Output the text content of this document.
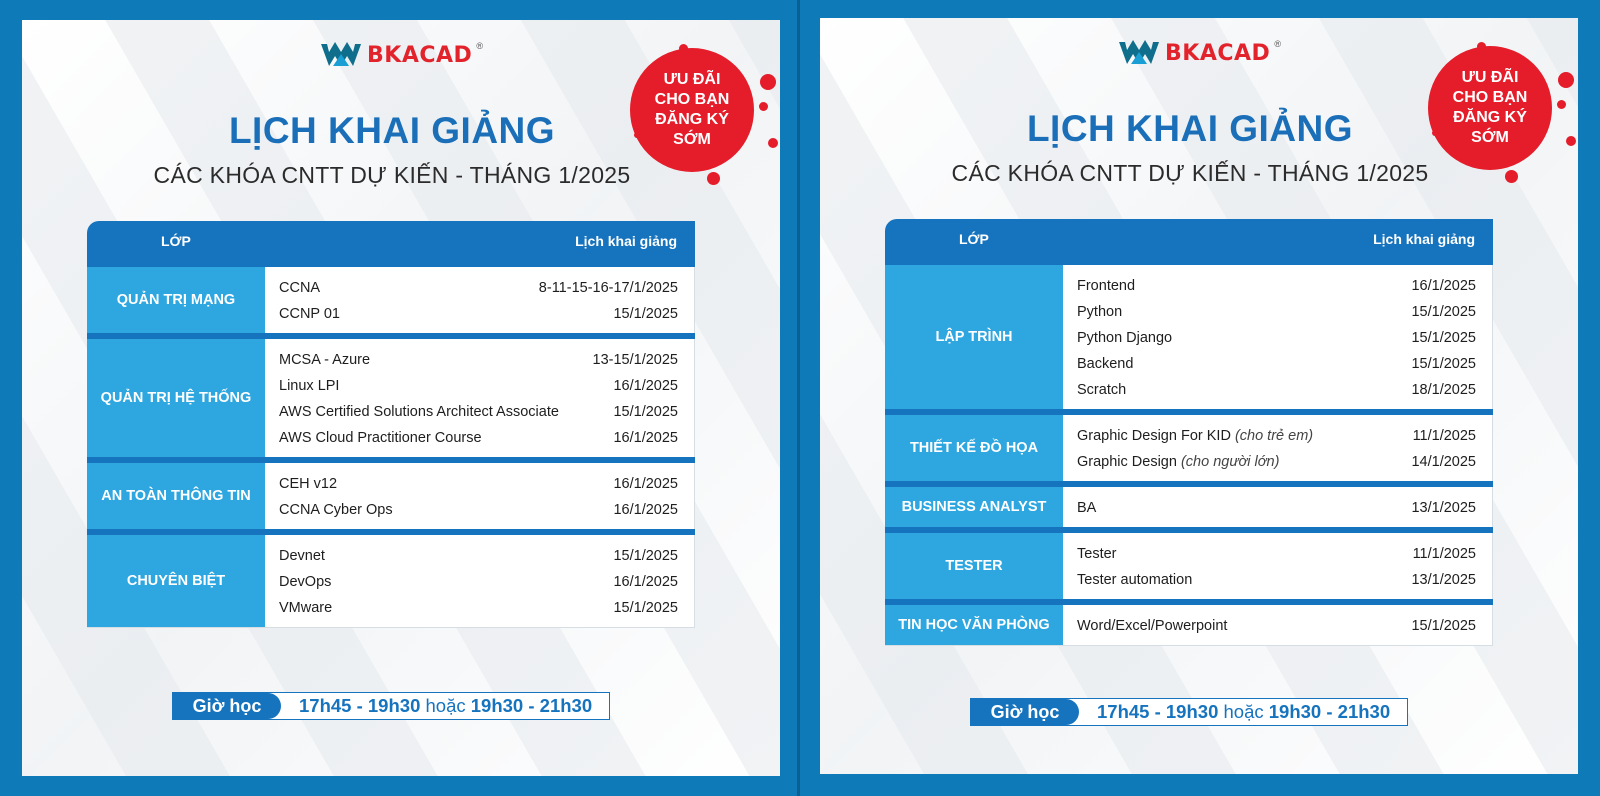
BKACAD ®
ƯU ĐÃI
CHO BẠN
ĐĂNG KÝ
SỚM
LỊCH KHAI GIẢNG
CÁC KHÓA CNTT DỰ KIẾN - THÁNG 1/2025
LỚP	Lịch khai giảng
QUẢN TRỊ MẠNG
CCNA	8-11-15-16-17/1/2025
CCNP 01	15/1/2025
QUẢN TRỊ HỆ THỐNG
MCSA - Azure	13-15/1/2025
Linux LPI	16/1/2025
AWS Certified Solutions Architect Associate	15/1/2025
AWS Cloud Practitioner Course	16/1/2025
AN TOÀN THÔNG TIN
CEH v12	16/1/2025
CCNA Cyber Ops	16/1/2025
CHUYÊN BIỆT
Devnet	15/1/2025
DevOps	16/1/2025
VMware	15/1/2025
Giờ học	17h45 - 19h30 hoặc 19h30 - 21h30
BKACAD ®
ƯU ĐÃI
CHO BẠN
ĐĂNG KÝ
SỚM
LỊCH KHAI GIẢNG
CÁC KHÓA CNTT DỰ KIẾN - THÁNG 1/2025
LỚP	Lịch khai giảng
LẬP TRÌNH
Frontend	16/1/2025
Python	15/1/2025
Python Django	15/1/2025
Backend	15/1/2025
Scratch	18/1/2025
THIẾT KẾ ĐỒ HỌA
Graphic Design For KID (cho trẻ em)	11/1/2025
Graphic Design (cho người lớn)	14/1/2025
BUSINESS ANALYST	BA	13/1/2025
TESTER
Tester	11/1/2025
Tester automation	13/1/2025
TIN HỌC VĂN PHÒNG	Word/Excel/Powerpoint	15/1/2025
Giờ học	17h45 - 19h30 hoặc 19h30 - 21h30
